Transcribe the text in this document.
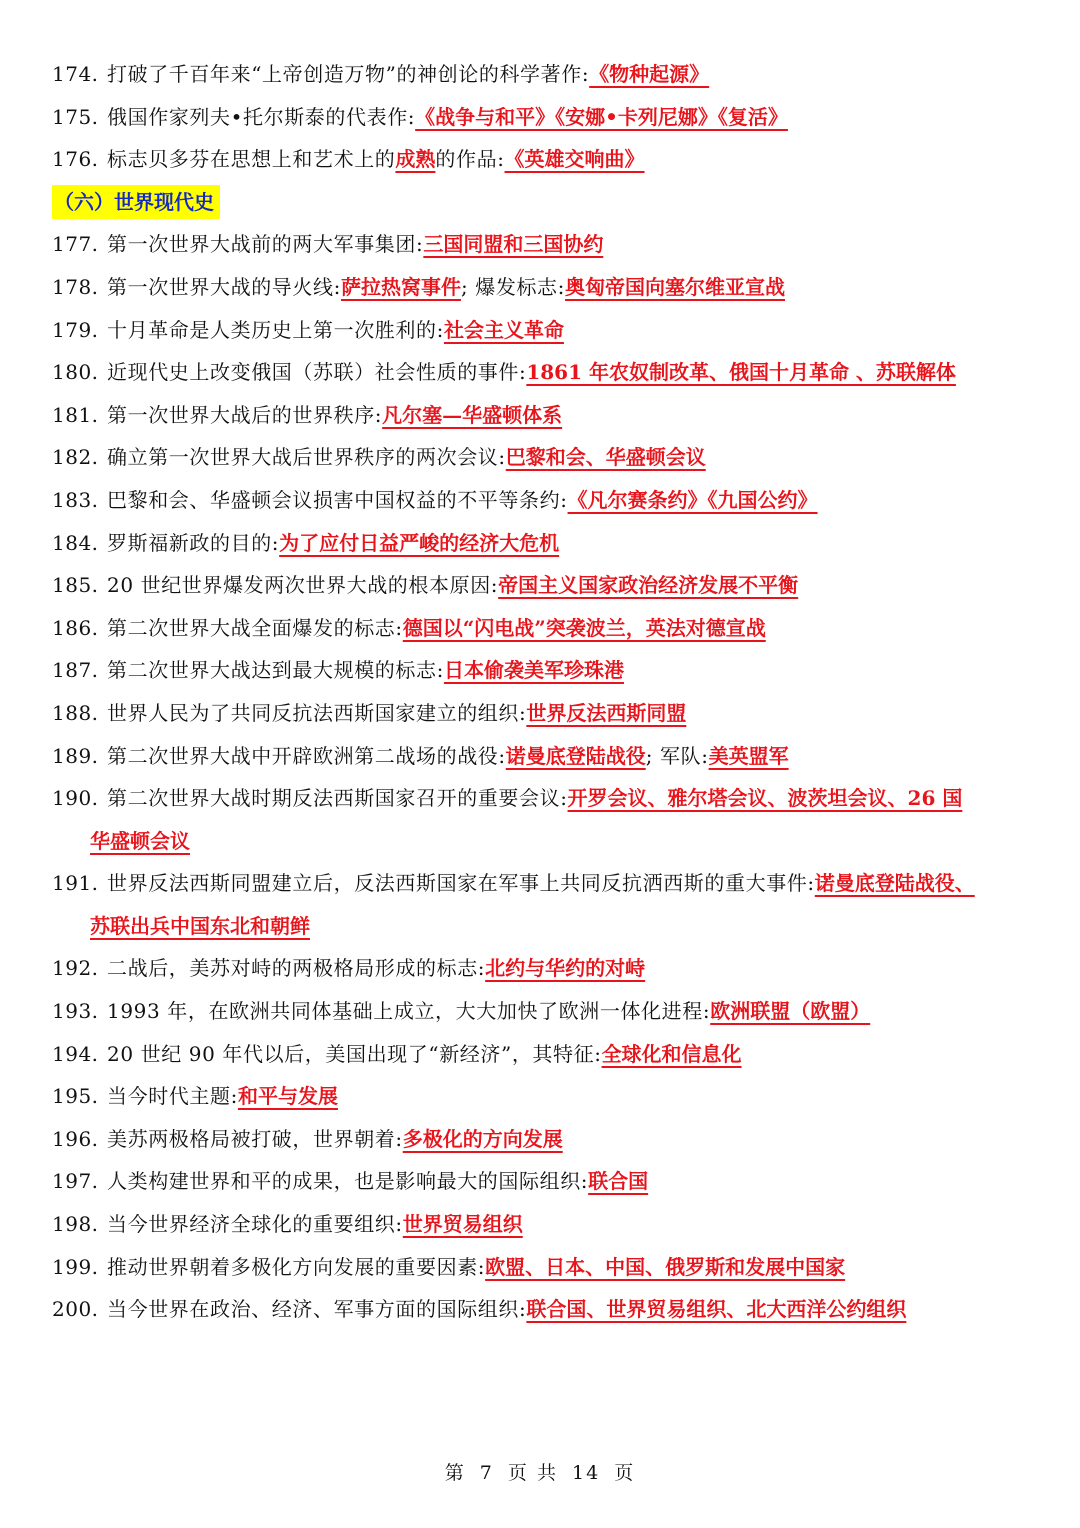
174. 打破了千百年来“上帝创造万物”的神创论的科学著作:《物种起源》
175. 俄国作家列夫•托尔斯泰的代表作:《战争与和平》《安娜•卡列尼娜》《复活》
176. 标志贝多芬在思想上和艺术上的成熟的作品:《英雄交响曲》
（六）世界现代史
177. 第一次世界大战前的两大军事集团:三国同盟和三国协约
178. 第一次世界大战的导火线:萨拉热窝事件; 爆发标志:奥匈帝国向塞尔维亚宣战
179. 十月革命是人类历史上第一次胜利的:社会主义革命
180. 近现代史上改变俄国（苏联）社会性质的事件:1861 年农奴制改革、俄国十月革命 、苏联解体
181. 第一次世界大战后的世界秩序:凡尔塞—华盛顿体系
182. 确立第一次世界大战后世界秩序的两次会议:巴黎和会、华盛顿会议
183. 巴黎和会、华盛顿会议损害中国权益的不平等条约:《凡尔赛条约》《九国公约》
184. 罗斯福新政的目的:为了应付日益严峻的经济大危机
185. 20 世纪世界爆发两次世界大战的根本原因:帝国主义国家政治经济发展不平衡
186. 第二次世界大战全面爆发的标志:德国以“闪电战”突袭波兰，英法对德宣战
187. 第二次世界大战达到最大规模的标志:日本偷袭美军珍珠港
188. 世界人民为了共同反抗法西斯国家建立的组织:世界反法西斯同盟
189. 第二次世界大战中开辟欧洲第二战场的战役:诺曼底登陆战役; 军队:美英盟军
190. 第二次世界大战时期反法西斯国家召开的重要会议:开罗会议、雅尔塔会议、波茨坦会议、26 国
华盛顿会议
191. 世界反法西斯同盟建立后，反法西斯国家在军事上共同反抗洒西斯的重大事件:诺曼底登陆战役、
苏联出兵中国东北和朝鲜
192. 二战后，美苏对峙的两极格局形成的标志:北约与华约的对峙
193. 1993 年，在欧洲共同体基础上成立，大大加快了欧洲一体化进程:欧洲联盟（欧盟）
194. 20 世纪 90 年代以后，美国出现了“新经济”，其特征:全球化和信息化
195. 当今时代主题:和平与发展
196. 美苏两极格局被打破，世界朝着:多极化的方向发展
197. 人类构建世界和平的成果，也是影响最大的国际组织:联合国
198. 当今世界经济全球化的重要组织:世界贸易组织
199. 推动世界朝着多极化方向发展的重要因素:欧盟、日本、中国、俄罗斯和发展中国家
200. 当今世界在政治、经济、军事方面的国际组织:联合国、世界贸易组织、北大西洋公约组织
第 7 页 共 14 页
